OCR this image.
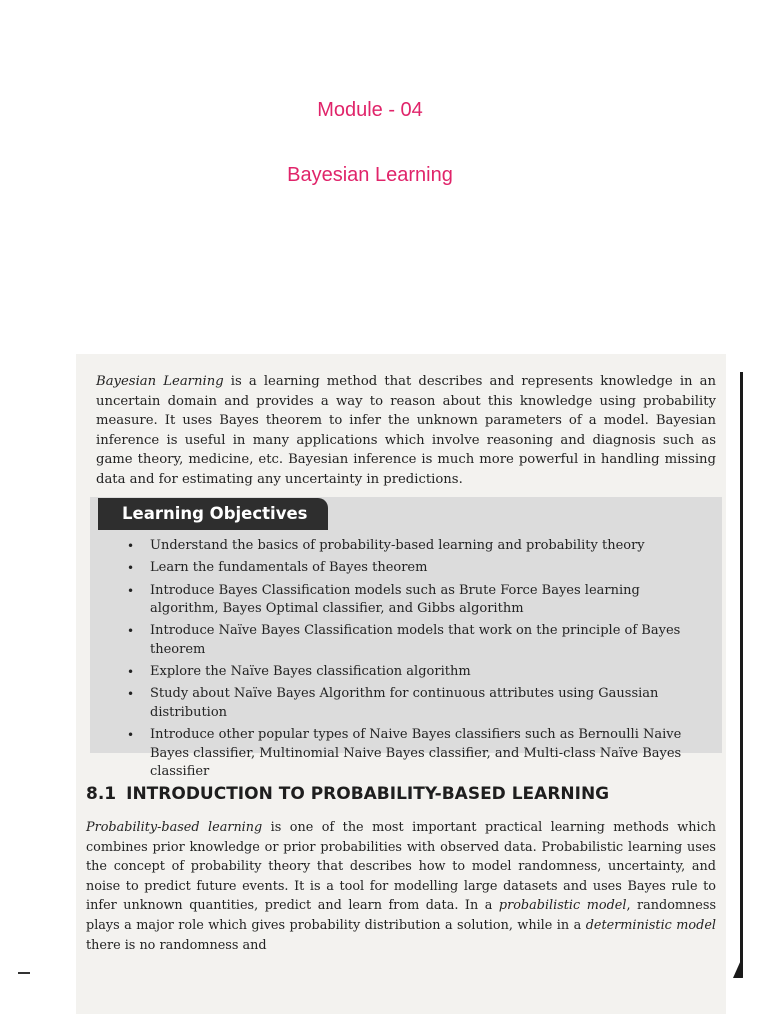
Module - 04
Bayesian Learning

Bayesian Learning is a learning method that describes and represents knowledge in an uncertain domain and provides a way to reason about this knowledge using probability measure. It uses Bayes theorem to infer the unknown parameters of a model. Bayesian inference is useful in many applications which involve reasoning and diagnosis such as game theory, medicine, etc. Bayesian inference is much more powerful in handling missing data and for estimating any uncertainty in predictions.

Learning Objectives
• Understand the basics of probability-based learning and probability theory
• Learn the fundamentals of Bayes theorem
• Introduce Bayes Classification models such as Brute Force Bayes learning algorithm, Bayes Optimal classifier, and Gibbs algorithm
• Introduce Naïve Bayes Classification models that work on the principle of Bayes theorem
• Explore the Naïve Bayes classification algorithm
• Study about Naïve Bayes Algorithm for continuous attributes using Gaussian distribution
• Introduce other popular types of Naive Bayes classifiers such as Bernoulli Naive Bayes classifier, Multinomial Naive Bayes classifier, and Multi-class Naïve Bayes classifier
8.1 INTRODUCTION TO PROBABILITY-BASED LEARNING

Probability-based learning is one of the most important practical learning methods which combines prior knowledge or prior probabilities with observed data. Probabilistic learning uses the concept of probability theory that describes how to model randomness, uncertainty, and noise to predict future events. It is a tool for modelling large datasets and uses Bayes rule to infer unknown quantities, predict and learn from data. In a probabilistic model, randomness plays a major role which gives probability distribution a solution, while in a deterministic model there is no randomness and
